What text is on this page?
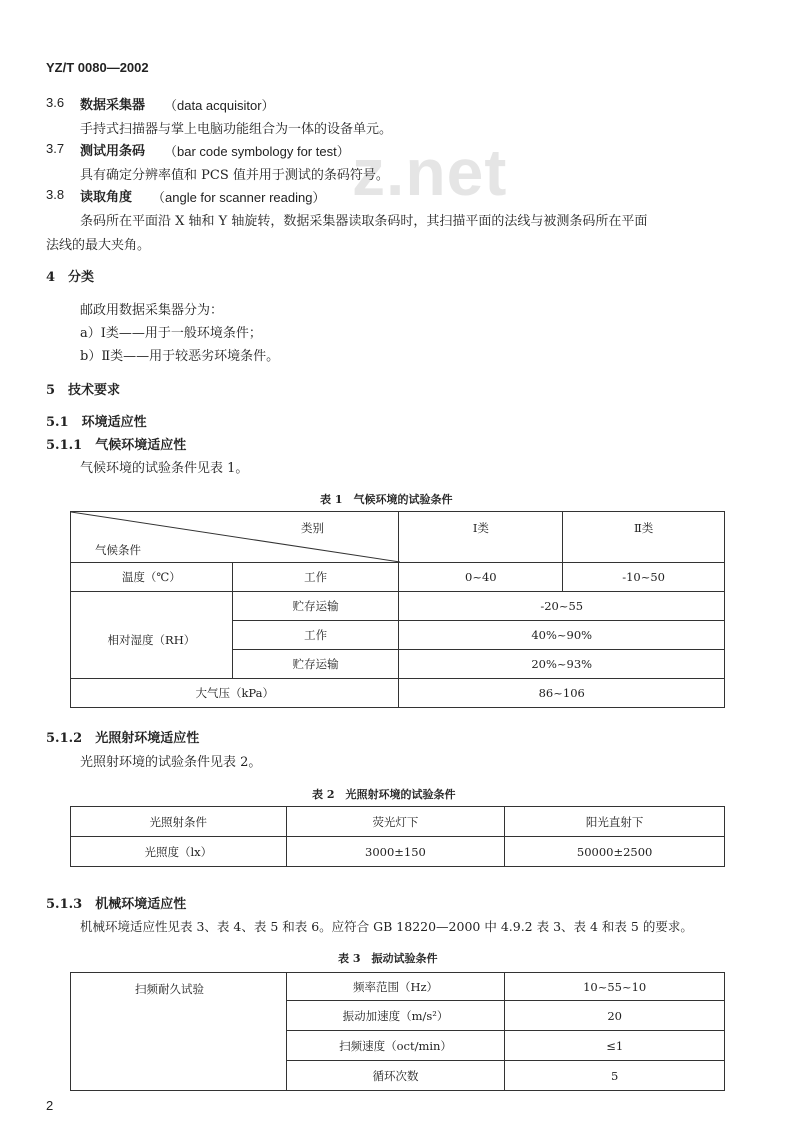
z.net
YZ/T 0080—2002
3.6 数据采集器 （data acquisitor）
手持式扫描器与掌上电脑功能组合为一体的设备单元。
3.7 测试用条码 （bar code symbology for test）
具有确定分辨率值和 PCS 值并用于测试的条码符号。
3.8 读取角度 （angle for scanner reading）
条码所在平面沿 X 轴和 Y 轴旋转，数据采集器读取条码时，其扫描平面的法线与被测条码所在平面
法线的最大夹角。
4　分类
邮政用数据采集器分为：
a）Ⅰ类——用于一般环境条件；
b）Ⅱ类——用于较恶劣环境条件。
5　技术要求
5.1　环境适应性
5.1.1　气候环境适应性
气候环境的试验条件见表 1。
表 1　气候环境的试验条件
类别
气候条件		Ⅰ类	Ⅱ类
温度（℃）	工作	0~40	-10~50
相对湿度（RH）	贮存运输	-20~55	
	工作	40%~90%	
	贮存运输	20%~93%	
大气压（kPa）		86~106	
5.1.2　光照射环境适应性
光照射环境的试验条件见表 2。
表 2　光照射环境的试验条件
光照射条件	荧光灯下	阳光直射下
光照度（lx）	3000±150	50000±2500
5.1.3　机械环境适应性
机械环境适应性见表 3、表 4、表 5 和表 6。应符合 GB 18220—2000 中 4.9.2 表 3、表 4 和表 5 的要求。
表 3　振动试验条件
扫频耐久试验	频率范围（Hz）	10~55~10
	振动加速度（m/s²）	20
	扫频速度（oct/min）	≤1
	循环次数	5
2
